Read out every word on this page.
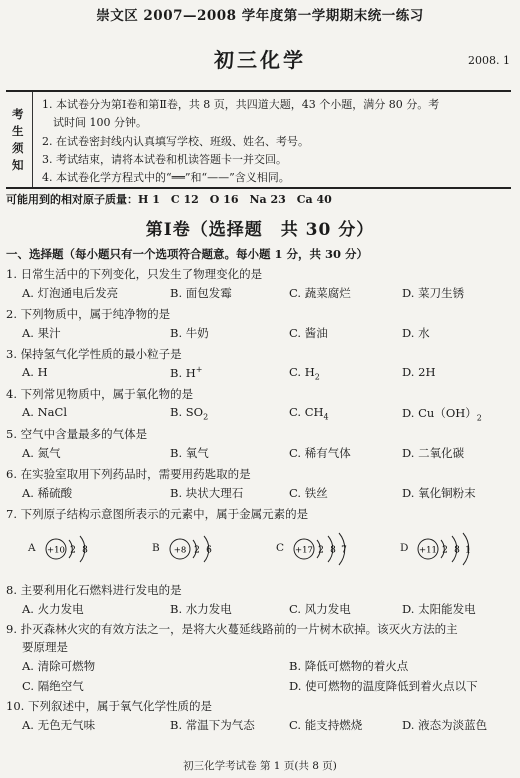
崇文区 2007—2008 学年度第一学期期末统一练习
初三化学	2008. 1
考
生
须
知
1. 本试卷分为第Ⅰ卷和第Ⅱ卷，共 8 页，共四道大题，43 个小题，满分 80 分。考
试时间 100 分钟。
2. 在试卷密封线内认真填写学校、班级、姓名、考号。
3. 考试结束，请将本试卷和机读答题卡一并交回。
4. 本试卷化学方程式中的“══”和“——”含义相同。
可能用到的相对原子质量：H 1　C 12　O 16　Na 23　Ca 40
第Ⅰ卷（选择题　共 30 分）
一、选择题（每小题只有一个选项符合题意。每小题 1 分，共 30 分）
1. 日常生活中的下列变化，只发生了物理变化的是
A. 灯泡通电后发亮	B. 面包发霉	C. 蔬菜腐烂	D. 菜刀生锈
2. 下列物质中，属于纯净物的是
A. 果汁	B. 牛奶	C. 酱油	D. 水
3. 保持氢气化学性质的最小粒子是
A. H	B. H+	C. $H_2$	D. 2H
4. 下列常见物质中，属于氧化物的是
A. NaCl	B. $SO_2$	C. $CH_4$	D. $Cu(OH)_2$
5. 空气中含量最多的气体是
A. 氮气	B. 氧气	C. 稀有气体	D. 二氧化碳
6. 在实验室取用下列药品时，需要用药匙取的是
A. 稀硫酸	B. 块状大理石	C. 铁丝	D. 氧化铜粉末
7. 下列原子结构示意图所表示的元素中，属于金属元素的是
A +10 2 8	B +8 2 6	C +17 2 8 7	D +11 2 8 1
8. 主要利用化石燃料进行发电的是
A. 火力发电	B. 水力发电	C. 风力发电	D. 太阳能发电
9. 扑灭森林火灾的有效方法之一，是将大火蔓延线路前的一片树木砍掉。该灭火方法的主
要原理是
A. 清除可燃物	B. 降低可燃物的着火点
C. 隔绝空气	D. 使可燃物的温度降低到着火点以下
10. 下列叙述中，属于氧气化学性质的是
A. 无色无气味	B. 常温下为气态	C. 能支持燃烧	D. 液态为淡蓝色
初三化学考试卷 第 1 页(共 8 页)
